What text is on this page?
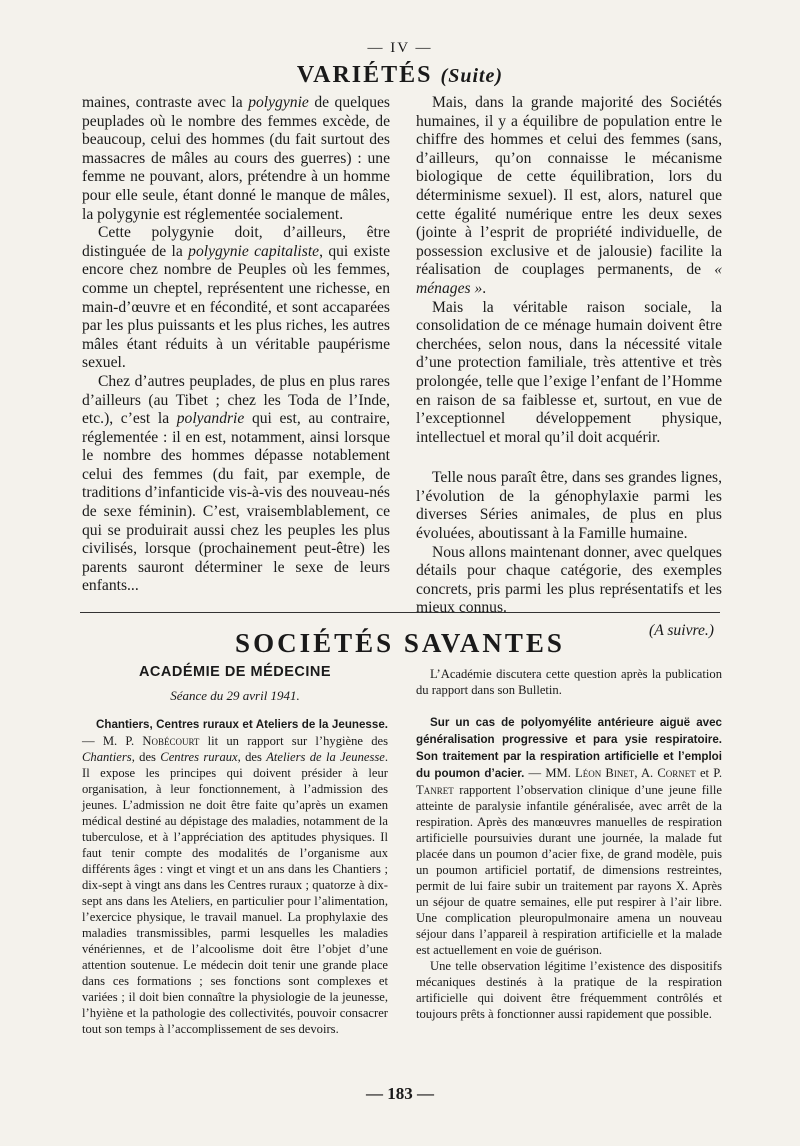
— IV —
VARIÉTÉS (Suite)

maines, contraste avec la polygynie de quelques peuplades où le nombre des femmes excède, de beaucoup, celui des hommes (du fait surtout des massacres de mâles au cours des guerres) : une femme ne pouvant, alors, prétendre à un homme pour elle seule, étant donné le manque de mâles, la polygynie est réglementée socialement.

Cette polygynie doit, d’ailleurs, être distinguée de la polygynie capitaliste, qui existe encore chez nombre de Peuples où les femmes, comme un cheptel, représentent une richesse, en main-d’œuvre et en fécondité, et sont accaparées par les plus puissants et les plus riches, les autres mâles étant réduits à un véritable paupérisme sexuel.

Chez d’autres peuplades, de plus en plus rares d’ailleurs (au Tibet ; chez les Toda de l’Inde, etc.), c’est la polyandrie qui est, au contraire, réglementée : il en est, notamment, ainsi lorsque le nombre des hommes dépasse notablement celui des femmes (du fait, par exemple, de traditions d’infanticide vis-à-vis des nouveau-nés de sexe féminin). C’est, vraisemblablement, ce qui se produirait aussi chez les peuples les plus civilisés, lorsque (prochainement peut-être) les parents sauront déterminer le sexe de leurs enfants...

Mais, dans la grande majorité des Sociétés humaines, il y a équilibre de population entre le chiffre des hommes et celui des femmes (sans, d’ailleurs, qu’on connaisse le mécanisme biologique de cette équilibration, lors du déterminisme sexuel). Il est, alors, naturel que cette égalité numérique entre les deux sexes (jointe à l’esprit de propriété individuelle, de possession exclusive et de jalousie) facilite la réalisation de couplages permanents, de « ménages ».

Mais la véritable raison sociale, la consolidation de ce ménage humain doivent être cherchées, selon nous, dans la nécessité vitale d’une protection familiale, très attentive et très prolongée, telle que l’exige l’enfant de l’Homme en raison de sa faiblesse et, surtout, en vue de l’exceptionnel développement physique, intellectuel et moral qu’il doit acquérir.

Telle nous paraît être, dans ses grandes lignes, l’évolution de la génophylaxie parmi les diverses Séries animales, de plus en plus évoluées, aboutissant à la Famille humaine.

Nous allons maintenant donner, avec quelques détails pour chaque catégorie, des exemples concrets, pris parmi les plus représentatifs et les mieux connus.

(A suivre.)
SOCIÉTÉS SAVANTES
ACADÉMIE DE MÉDECINE
Séance du 29 avril 1941.

Chantiers, Centres ruraux et Ateliers de la Jeunesse.— M. P. Nobécourt lit un rapport sur l’hygiène des Chantiers, des Centres ruraux, des Ateliers de la Jeunesse. Il expose les principes qui doivent présider à leur organisation, à leur fonctionnement, à l’admission des jeunes. L’admission ne doit être faite qu’après un examen médical destiné au dépistage des maladies, notamment de la tuberculose, et à l’appréciation des aptitudes physiques. Il faut tenir compte des modalités de l’organisme aux différents âges : vingt et vingt et un ans dans les Chantiers ; dix-sept à vingt ans dans les Centres ruraux ; quatorze à dix-sept ans dans les Ateliers, en particulier pour l’alimentation, l’exercice physique, le travail manuel. La prophylaxie des maladies transmissibles, parmi lesquelles les maladies vénériennes, et de l’alcoolisme doit être l’objet d’une attention soutenue. Le médecin doit tenir une grande place dans ces formations ; ses fonctions sont complexes et variées ; il doit bien connaître la physiologie de la jeunesse, l’hyiène et la pathologie des collectivités, pouvoir consacrer tout son temps à l’accomplissement de ses devoirs.

L’Académie discutera cette question après la publication du rapport dans son Bulletin.

Sur un cas de polyomyélite antérieure aiguë avec généralisation progressive et para ysie respiratoire. Son traitement par la respiration artificielle et l’emploi du poumon d’acier. — MM. Léon Binet, A. Cornet et P. Tanret rapportent l’observation clinique d’une jeune fille atteinte de paralysie infantile généralisée, avec arrêt de la respiration. Après des manœuvres manuelles de respiration artificielle poursuivies durant une journée, la malade fut placée dans un poumon d’acier fixe, de grand modèle, puis un poumon artificiel portatif, de dimensions restreintes, permit de lui faire subir un traitement par rayons X. Après un séjour de quatre semaines, elle put respirer à l’air libre. Une complication pleuropulmonaire amena un nouveau séjour dans l’appareil à respiration artificielle et la malade est actuellement en voie de guérison.

Une telle observation légitime l’existence des dispositifs mécaniques destinés à la pratique de la respiration artificielle qui doivent être fréquemment contrôlés et toujours prêts à fonctionner aussi rapidement que possible.

— 183 —
